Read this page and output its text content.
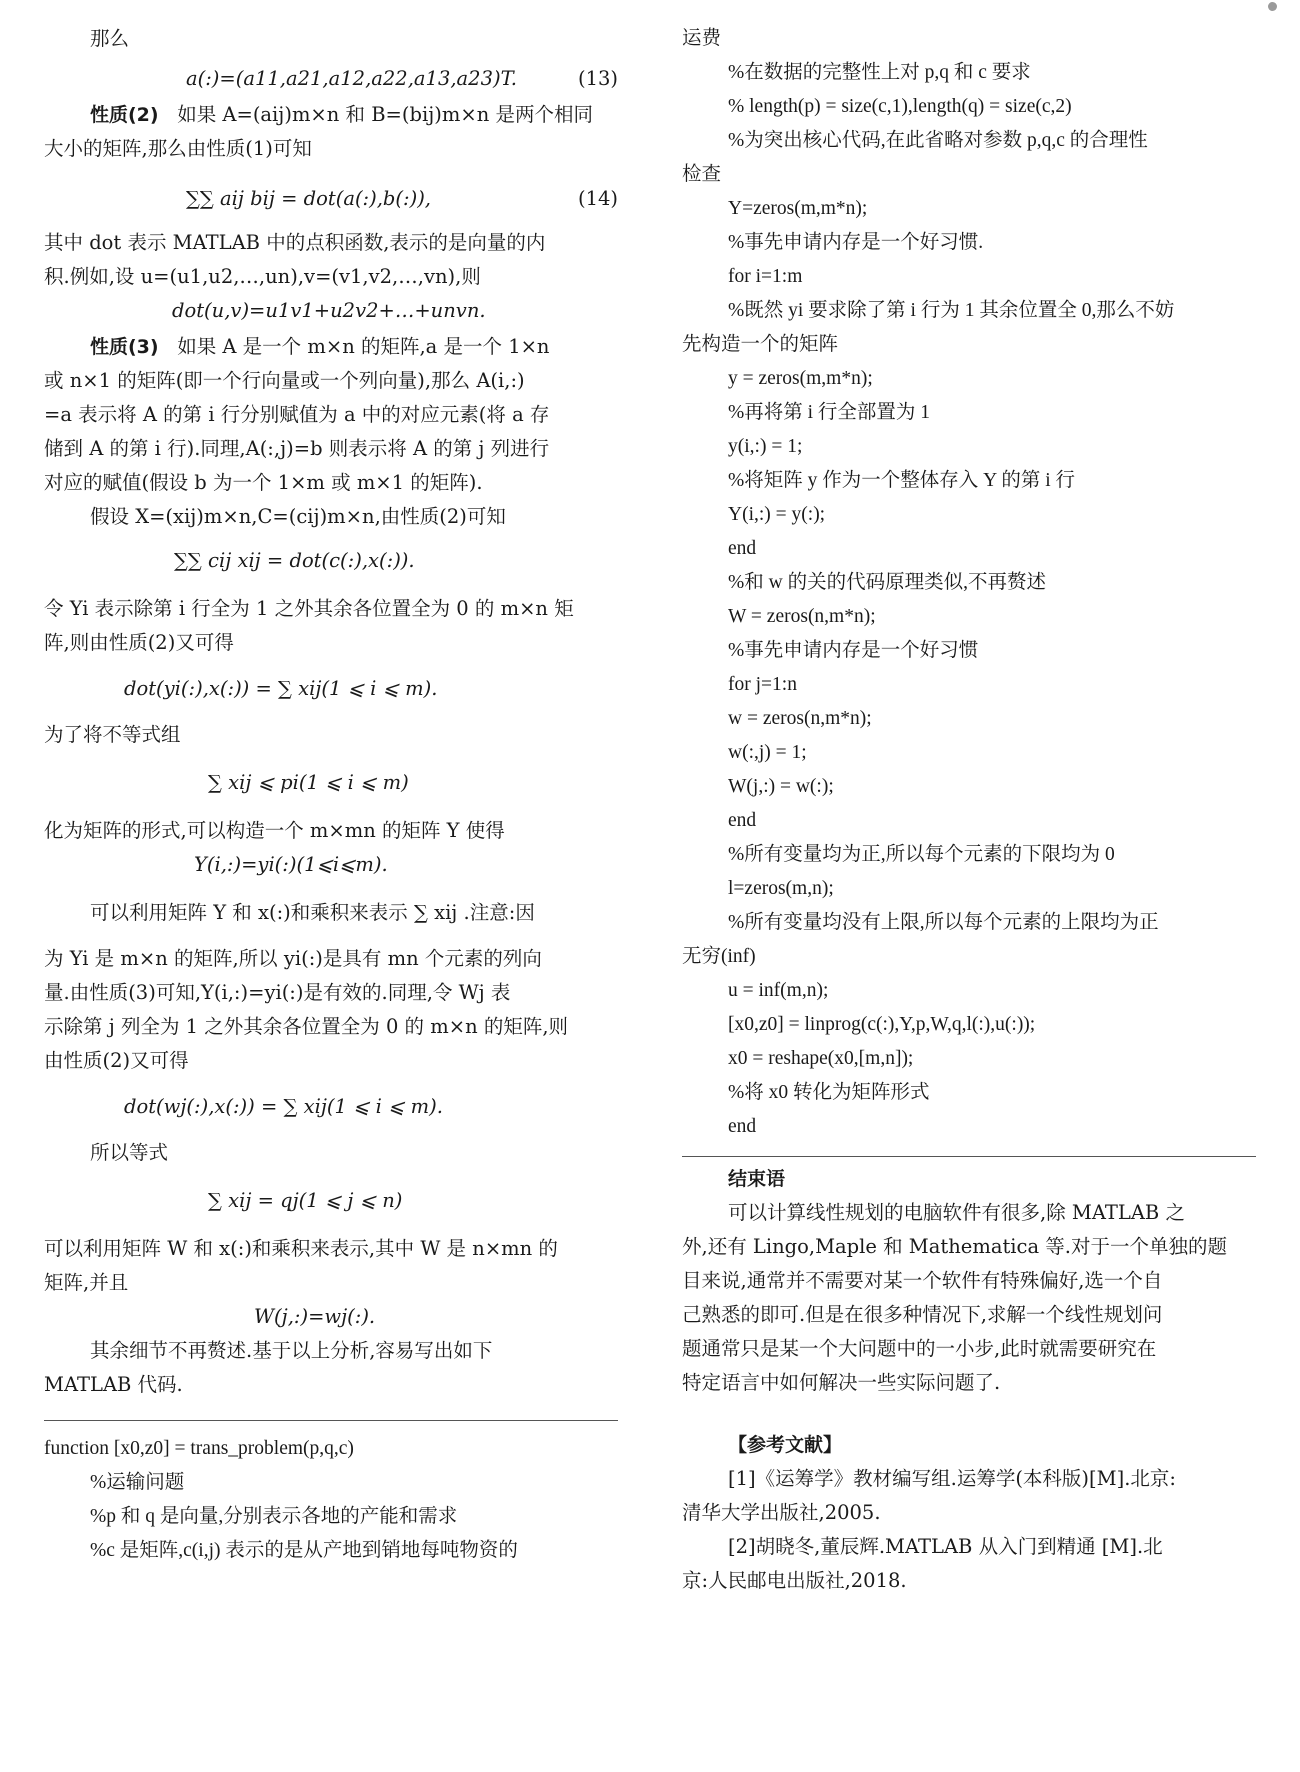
那么
a(:)=(a11,a21,a12,a22,a13,a23)T.	(13)
性质(2) 如果 A=(aij)m×n 和 B=(bij)m×n 是两个相同
大小的矩阵,那么由性质(1)可知
∑∑ aij bij = dot(a(:),b(:)),	(14)
其中 dot 表示 MATLAB 中的点积函数,表示的是向量的内
积.例如,设 u=(u1,u2,…,un),v=(v1,v2,…,vn),则
dot(u,v)=u1v1+u2v2+…+unvn.
性质(3) 如果 A 是一个 m×n 的矩阵,a 是一个 1×n
或 n×1 的矩阵(即一个行向量或一个列向量),那么 A(i,:)
=a 表示将 A 的第 i 行分别赋值为 a 中的对应元素(将 a 存
储到 A 的第 i 行).同理,A(:,j)=b 则表示将 A 的第 j 列进行
对应的赋值(假设 b 为一个 1×m 或 m×1 的矩阵).
假设 X=(xij)m×n,C=(cij)m×n,由性质(2)可知
∑∑ cij xij = dot(c(:),x(:)).
令 Yi 表示除第 i 行全为 1 之外其余各位置全为 0 的 m×n 矩
阵,则由性质(2)又可得
dot(yi(:),x(:)) = ∑ xij(1 ⩽ i ⩽ m).
为了将不等式组
∑ xij ⩽ pi(1 ⩽ i ⩽ m)
化为矩阵的形式,可以构造一个 m×mn 的矩阵 Y 使得
Y(i,:)=yi(:)(1⩽i⩽m).
可以利用矩阵 Y 和 x(:)和乘积来表示 ∑ xij .注意:因
为 Yi 是 m×n 的矩阵,所以 yi(:)是具有 mn 个元素的列向
量.由性质(3)可知,Y(i,:)=yi(:)是有效的.同理,令 Wj 表
示除第 j 列全为 1 之外其余各位置全为 0 的 m×n 的矩阵,则
由性质(2)又可得
dot(wj(:),x(:)) = ∑ xij(1 ⩽ i ⩽ m).
所以等式
∑ xij = qj(1 ⩽ j ⩽ n)
可以利用矩阵 W 和 x(:)和乘积来表示,其中 W 是 n×mn 的
矩阵,并且
W(j,:)=wj(:).
其余细节不再赘述.基于以上分析,容易写出如下
MATLAB 代码.
function [x0,z0] = trans_problem(p,q,c)
%运输问题
%p 和 q 是向量,分别表示各地的产能和需求
%c 是矩阵,c(i,j) 表示的是从产地到销地每吨物资的
运费
%在数据的完整性上对 p,q 和 c 要求
% length(p) = size(c,1),length(q) = size(c,2)
%为突出核心代码,在此省略对参数 p,q,c 的合理性
检查
Y=zeros(m,m*n);
%事先申请内存是一个好习惯.
for i=1:m
%既然 yi 要求除了第 i 行为 1 其余位置全 0,那么不妨
先构造一个的矩阵
y = zeros(m,m*n);
%再将第 i 行全部置为 1
y(i,:) = 1;
%将矩阵 y 作为一个整体存入 Y 的第 i 行
Y(i,:) = y(:);
end
%和 w 的关的代码原理类似,不再赘述
W = zeros(n,m*n);
%事先申请内存是一个好习惯
for j=1:n
w = zeros(n,m*n);
w(:,j) = 1;
W(j,:) = w(:);
end
%所有变量均为正,所以每个元素的下限均为 0
l=zeros(m,n);
%所有变量均没有上限,所以每个元素的上限均为正
无穷(inf)
u = inf(m,n);
[x0,z0] = linprog(c(:),Y,p,W,q,l(:),u(:));
x0 = reshape(x0,[m,n]);
%将 x0 转化为矩阵形式
end
结束语
可以计算线性规划的电脑软件有很多,除 MATLAB 之
外,还有 Lingo,Maple 和 Mathematica 等.对于一个单独的题
目来说,通常并不需要对某一个软件有特殊偏好,选一个自
己熟悉的即可.但是在很多种情况下,求解一个线性规划问
题通常只是某一个大问题中的一小步,此时就需要研究在
特定语言中如何解决一些实际问题了.
【参考文献】
[1]《运筹学》教材编写组.运筹学(本科版)[M].北京:
清华大学出版社,2005.
[2]胡晓冬,董辰辉.MATLAB 从入门到精通 [M].北
京:人民邮电出版社,2018.
